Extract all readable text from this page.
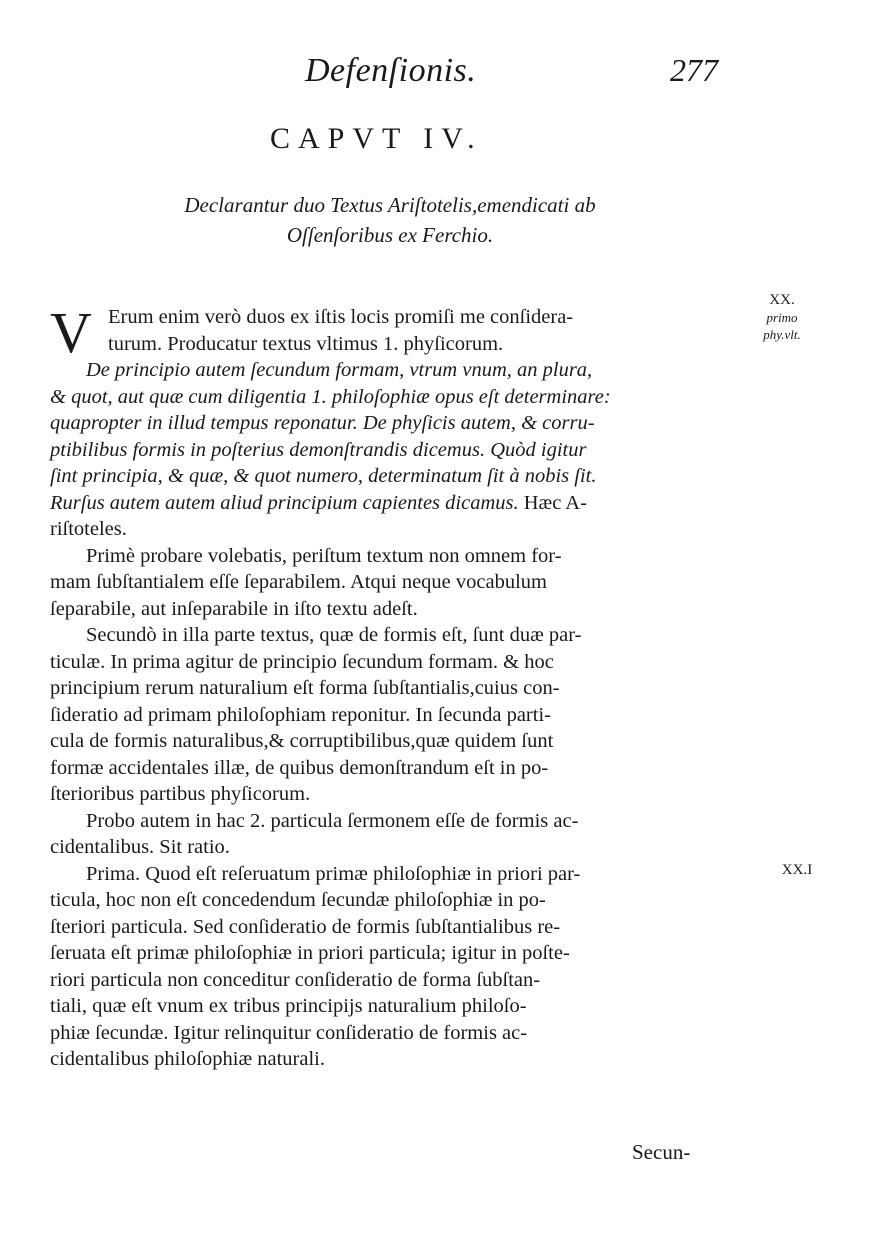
Defenſionis.	277
CAPVT IV.
Declarantur duo Textus Ariſtotelis,emendicati ab
Oſſenſoribus ex Ferchio.
XX.
primo
phy.vlt.
XX.I
V Erum enim verò duos ex iſtis locis promiſi me conſidera-
turum. Producatur textus vltimus 1. phyſicorum.
De principio autem ſecundum formam, vtrum vnum, an plura,
& quot, aut quæ cum diligentia 1. philoſophiæ opus eſt determinare:
quapropter in illud tempus reponatur. De phyſicis autem, & corru-
ptibilibus formis in poſterius demonſtrandis dicemus. Quòd igitur
ſint principia, & quæ, & quot numero, determinatum ſit à nobis ſit.
Rurſus autem autem aliud principium capientes dicamus. Hæc A-
riſtoteles.
Primè probare volebatis, periſtum textum non omnem for-
mam ſubſtantialem eſſe ſeparabilem. Atqui neque vocabulum
ſeparabile, aut inſeparabile in iſto textu adeſt.
Secundò in illa parte textus, quæ de formis eſt, ſunt duæ par-
ticulæ. In prima agitur de principio ſecundum formam. & hoc
principium rerum naturalium eſt forma ſubſtantialis,cuius con-
ſideratio ad primam philoſophiam reponitur. In ſecunda parti-
cula de formis naturalibus,& corruptibilibus,quæ quidem ſunt
formæ accidentales illæ, de quibus demonſtrandum eſt in po-
ſterioribus partibus phyſicorum.
Probo autem in hac 2. particula ſermonem eſſe de formis ac-
cidentalibus. Sit ratio.
Prima. Quod eſt reſeruatum primæ philoſophiæ in priori par-
ticula, hoc non eſt concedendum ſecundæ philoſophiæ in po-
ſteriori particula. Sed conſideratio de formis ſubſtantialibus re-
ſeruata eſt primæ philoſophiæ in priori particula; igitur in poſte-
riori particula non conceditur conſideratio de forma ſubſtan-
tiali, quæ eſt vnum ex tribus principijs naturalium philoſo-
phiæ ſecundæ. Igitur relinquitur conſideratio de formis ac-
cidentalibus philoſophiæ naturali.
Secun-
